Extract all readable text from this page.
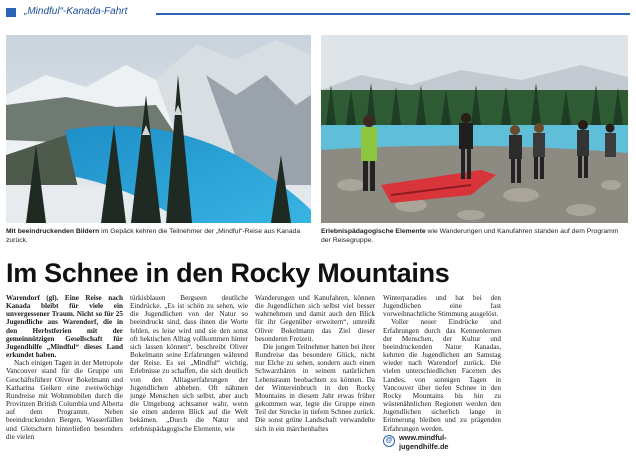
„Mindful“-Kanada-Fahrt
Mit beeindruckenden Bildern im Gepäck kehren die Teilnehmer der „Mindful“-Reise aus Kanada zurück.
Erlebnispädagogische Elemente wie Wanderungen und Kanufahren standen auf dem Programm der Reisegruppe.
Im Schnee in den Rocky Mountains

Warendorf (gl). Eine Reise nach Kanada bleibt für viele ein unvergessener Traum. Nicht so für 25 Jugendliche aus Warendorf, die in den Herbstferien mit der gemeinnützigen Gesellschaft für Jugendhilfe „Mindful“ dieses Land erkundet haben.

Nach einigen Tagen in der Metropole Vancouver stand für die Gruppe um Geschäftsführer Oliver Bokelmann und Katharina Geiken eine zweiwöchige Rundreise mit Wohnmobilen durch die Provinzen British Columbia und Alberta auf dem Programm. Neben beeindruckenden Bergen, Wasserfällen und Gletschern hinterließen besonders die vielen

türkisblauen Bergseen deutliche Eindrücke. „Es ist schön zu sehen, wie die Jugendlichen von der Natur so beeindruckt sind, dass ihnen die Worte fehlen, es leise wird und sie den sonst oft hektischen Alltag vollkommen hinter sich lassen können“, beschreibt Oliver Bokelmann seine Erfahrungen während der Reise. Es sei „Mindful“ wichtig, Erlebnisse zu schaffen, die sich deutlich von den Alltagserfahrungen der Jugendlichen abheben. Oft nähmen junge Menschen sich selbst, aber auch die Umgebung achtsamer wahr, wenn sie einen anderen Blick auf die Welt bekämen. „Durch die Natur und erlebnispädagogische Elemente, wie

Wanderungen und Kanufahren, können die Jugendlichen sich selbst viel besser wahrnehmen und damit auch den Blick für ihr Gegenüber erweitern“, umreißt Oliver Bokelmann das Ziel dieser besonderen Freizeit.

Die jungen Teilnehmer hatten bei ihrer Rundreise das besondere Glück, nicht nur Elche zu sehen, sondern auch einen Schwarzbären in seinem natürlichen Lebensraum beobachten zu können. Da der Wintereinbruch in den Rocky Mountains in diesem Jahr etwas früher gekommen war, legte die Gruppe einen Teil der Strecke in tiefem Schnee zurück. Die sonst grüne Landschaft verwandelte sich in ein märchenhaftes

Winterparadies und hat bei den Jugendlichen eine fast vorweihnachtliche Stimmung ausgelöst.

Voller neuer Eindrücke und Erfahrungen durch das Kennenlernen der Menschen, der Kultur und beeindruckenden Natur Kanadas, kehrten die Jugendlichen am Samstag wieder nach Warendorf zurück. Die vielen unterschiedlichen Facetten des Landes, von sonnigen Tagen in Vancouver über tiefen Schnee in den Rocky Mountains bis hin zu wüstenähnlichen Regionen werden den Jugendlichen sicherlich lange in Erinnerung bleiben und zu prägenden Erfahrungen werden.

@ www.mindful-
jugendhilfe.de
